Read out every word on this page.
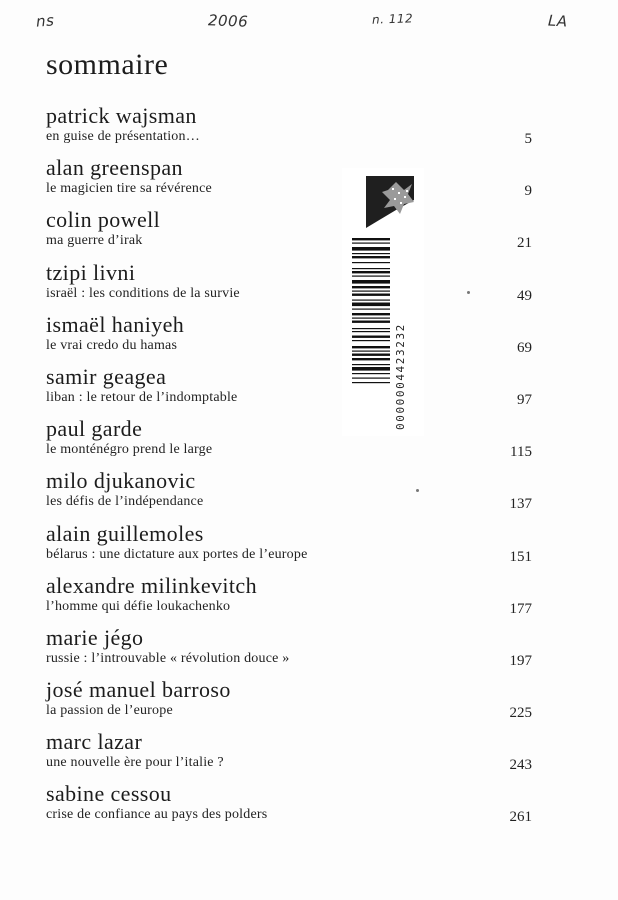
ns	2006	n. 112	LA
sommaire
patrick wajsman
en guise de présentation…	5
alan greenspan
le magicien tire sa révérence	9
colin powell
ma guerre d’irak	21
tzipi livni
israël : les conditions de la survie	49
ismaël haniyeh
le vrai credo du hamas	69
samir geagea
liban : le retour de l’indomptable	97
paul garde
le monténégro prend le large	115
milo djukanovic
les défis de l’indépendance	137
alain guillemoles
bélarus : une dictature aux portes de l’europe	151
alexandre milinkevitch
l’homme qui défie loukachenko	177
marie jégo
russie : l’introuvable « révolution douce »	197
josé manuel barroso
la passion de l’europe	225
marc lazar
une nouvelle ère pour l’italie ?	243
sabine cessou
crise de confiance au pays des polders	261
0000004423232
